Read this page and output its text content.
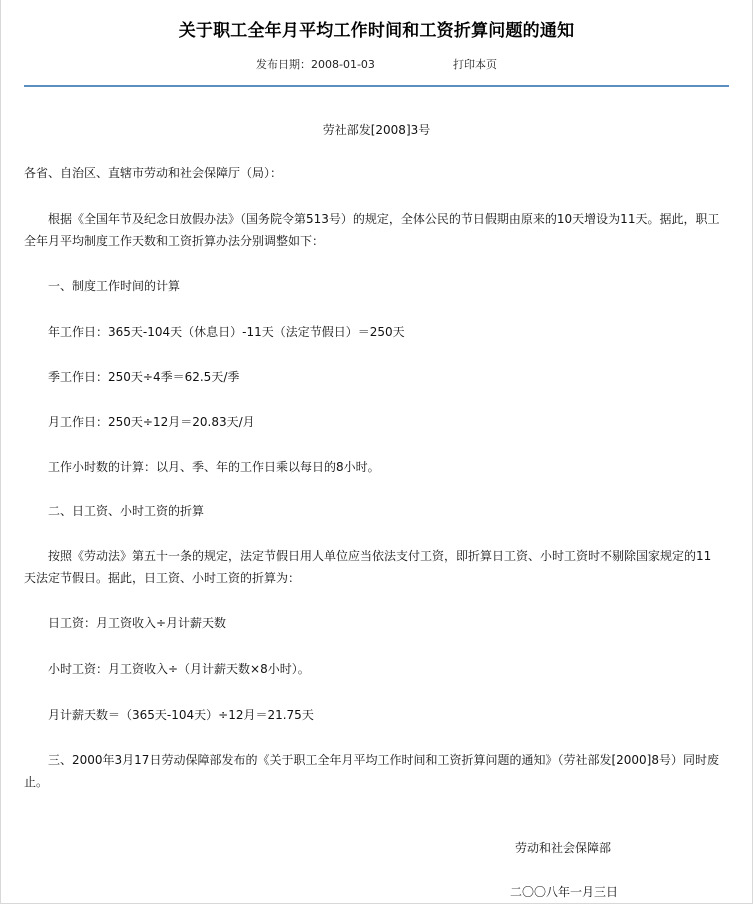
关于职工全年月平均工作时间和工资折算问题的通知
发布日期：2008-01-03	打印本页
劳社部发[2008]3号
各省、自治区、直辖市劳动和社会保障厅（局）：
根据《全国年节及纪念日放假办法》（国务院令第513号）的规定，全体公民的节日假期由原来的10天增设为11天。据此，职工
全年月平均制度工作天数和工资折算办法分别调整如下：
一、制度工作时间的计算
年工作日：365天-104天（休息日）-11天（法定节假日）＝250天
季工作日：250天÷4季＝62.5天/季
月工作日：250天÷12月＝20.83天/月
工作小时数的计算：以月、季、年的工作日乘以每日的8小时。
二、日工资、小时工资的折算
按照《劳动法》第五十一条的规定，法定节假日用人单位应当依法支付工资，即折算日工资、小时工资时不剔除国家规定的11
天法定节假日。据此，日工资、小时工资的折算为：
日工资：月工资收入÷月计薪天数
小时工资：月工资收入÷（月计薪天数×8小时）。
月计薪天数＝（365天-104天）÷12月＝21.75天
三、2000年3月17日劳动保障部发布的《关于职工全年月平均工作时间和工资折算问题的通知》（劳社部发[2000]8号）同时废
止。
劳动和社会保障部
二〇〇八年一月三日
